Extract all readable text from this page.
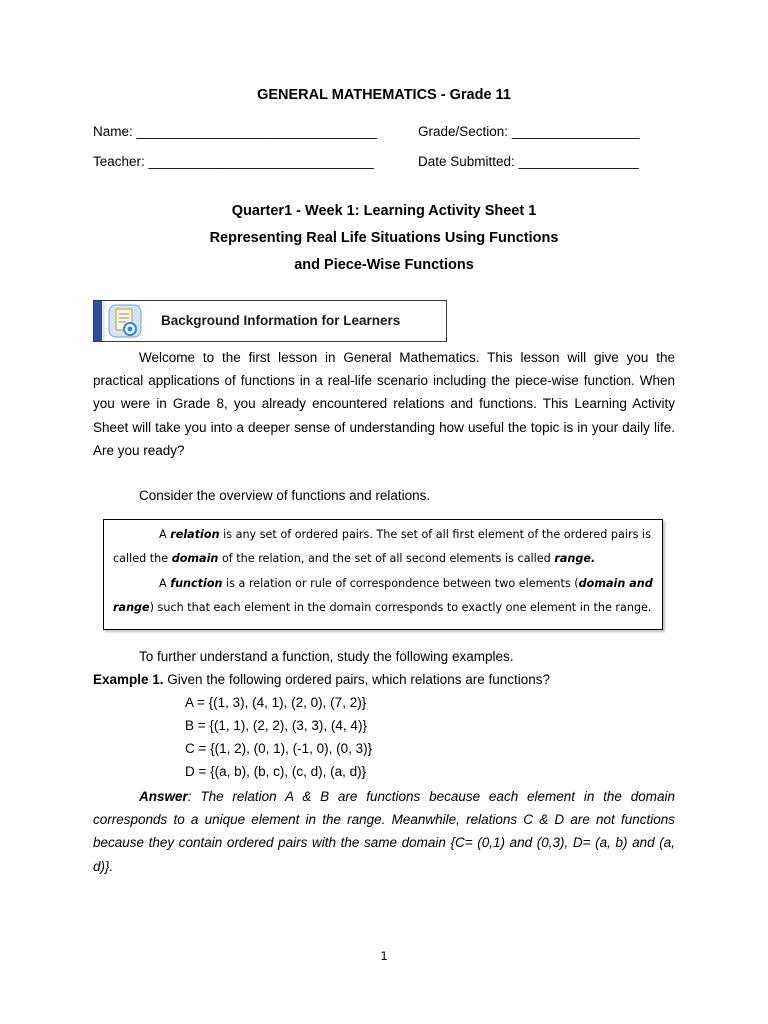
GENERAL MATHEMATICS - Grade 11
Name: ________________________________	Grade/Section: _________________
Teacher: ______________________________	Date Submitted: ________________
Quarter1 - Week 1: Learning Activity Sheet 1
Representing Real Life Situations Using Functions
and Piece-Wise Functions
Background Information for Learners
Welcome to the first lesson in General Mathematics. This lesson will give you the practical applications of functions in a real-life scenario including the piece-wise function. When you were in Grade 8, you already encountered relations and functions. This Learning Activity Sheet will take you into a deeper sense of understanding how useful the topic is in your daily life. Are you ready?
Consider the overview of functions and relations.
A relation is any set of ordered pairs. The set of all first element of the ordered pairs is called the domain of the relation, and the set of all second elements is called range.
A function is a relation or rule of correspondence between two elements (domain and range) such that each element in the domain corresponds to exactly one element in the range.
To further understand a function, study the following examples.
Example 1. Given the following ordered pairs, which relations are functions?
A = {(1, 3), (4, 1), (2, 0), (7, 2)}
B = {(1, 1), (2, 2), (3, 3), (4, 4)}
C = {(1, 2), (0, 1), (-1, 0), (0, 3)}
D = {(a, b), (b, c), (c, d), (a, d)}
Answer: The relation A & B are functions because each element in the domain corresponds to a unique element in the range. Meanwhile, relations C & D are not functions because they contain ordered pairs with the same domain {C= (0,1) and (0,3), D= (a, b) and (a, d)}.
1
